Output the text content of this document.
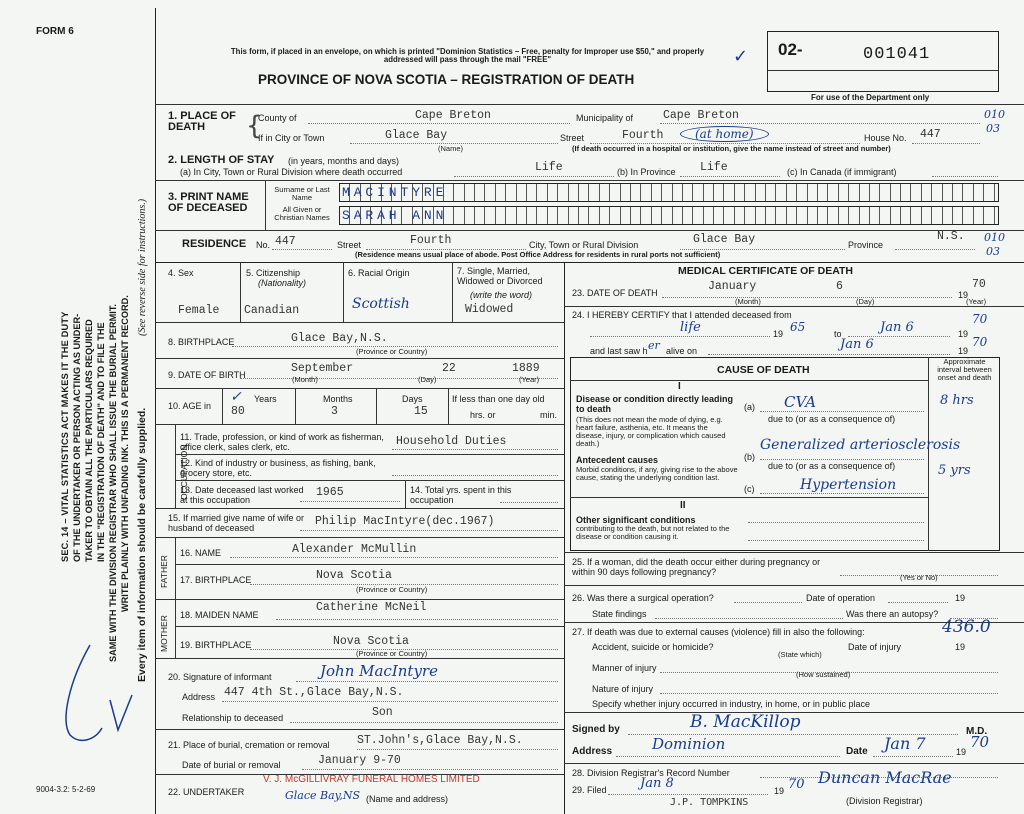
FORM 6
SEC. 14 – VITAL STATISTICS ACT MAKES IT THE DUTY OF THE UNDERTAKER OR PERSON ACTING AS UNDER- TAKER TO OBTAIN ALL THE PARTICULARS REQUIRED IN THE "REGISTRATION OF DEATH" AND TO FILE THE SAME WITH THE DIVISION REGISTRAR WHO SHALL ISSUE THE BURIAL PERMIT. WRITE PLAINLY WITH UNFADING INK. THIS IS A PERMANENT RECORD. Every item of information should be carefully supplied.
(See reverse side for instructions.)
9004-3.2: 5-2-69
This form, if placed in an envelope, on which is printed "Dominion Statistics – Free, penalty for Improper use $50," and properly addressed will pass through the mail "FREE"
PROVINCE OF NOVA SCOTIA – REGISTRATION OF DEATH
✓ 02-	001041
For use of the Department only
1. PLACE OF DEATH	{
County of	Cape Breton	Municipality of	Cape Breton	010
If in City or Town	Glace Bay
(Name)
Street	Fourth	(at home)	House No. 447	03
(If death occurred in a hospital or institution, give the name instead of street and number)
2. LENGTH OF STAY (in years, months and days)
(a) In City, Town or Rural Division where death occurred	Life	(b) In Province Life	(c) In Canada (if immigrant)
3. PRINT NAME OF DECEASED
Surname or Last Name
All Given or Christian Names
MACINTYRE
SARAH ANN
RESIDENCE No. 447	Street	Fourth	City, Town or Rural Division	Glace Bay	Province
N.S. 010
03
(Residence means usual place of abode. Post Office Address for residents in rural ports not sufficient)
4. Sex
Female
5. Citizenship
(Nationality)
Canadian
6. Racial Origin
Scottish
7. Single, Married, Widowed or Divorced
(write the word)
Widowed
8. BIRTHPLACE	Glace Bay,N.S.
(Province or Country)
9. DATE OF BIRTH	September	22	1889
(Month)	(Day)	(Year)
10. AGE in
✓ Years	Months	Days
80	3	15
If less than one day old
hrs. or	min.
OCCUPATION
11. Trade, profession, or kind of work as fisherman, office clerk, sales clerk, etc.	Household Duties
12. Kind of industry or business, as fishing, bank, grocery store, etc.
13. Date deceased last worked at this occupation
1965	14. Total yrs. spent in this occupation
15. If married give name of wife or husband of deceased	Philip MacIntyre(dec.1967)
FATHER
16. NAME	Alexander McMullin
17. BIRTHPLACE	Nova Scotia
(Province or Country)
MOTHER
18. MAIDEN NAME
Catherine McNeil
19. BIRTHPLACE	Nova Scotia
(Province or Country)
20. Signature of informant	John MacIntyre
Address 447 4th St.,Glace Bay,N.S.
Relationship to deceased	Son
21. Place of burial, cremation or removal ST.John's,Glace Bay,N.S.
Date of burial or removal	January 9-70
22. UNDERTAKER
V. J. McGILLIVRAY FUNERAL HOMES LIMITED
Glace Bay,NS (Name and address)
MEDICAL CERTIFICATE OF DEATH
23. DATE OF DEATH	January	6
19
70
(Month)	(Day)	(Year)
24. I HEREBY CERTIFY that I attended deceased from
life	19 65	to	Jan 6	19
70
and last saw h er alive on	Jan 6	19
70
CAUSE OF DEATH
Approximate interval between onset and death
I
Disease or condition directly leading to death
(This does not mean the mode of dying, e.g. heart failure, asthenia, etc. It means the disease, injury, or complication which caused death.)
(a) CVA	8 hrs
due to (or as a consequence of)
Antecedent causes
Morbid conditions, if any, giving rise to the above cause, stating the underlying condition last.
(b)
Generalized arteriosclerosis
due to (or as a consequence of)	5 yrs
(c)	Hypertension
II
Other significant conditions
contributing to the death, but not related to the disease or condition causing it.
25. If a woman, did the death occur either during pregnancy or within 90 days following pregnancy?
(Yes or No)
26. Was there a surgical operation?	Date of operation	19
State findings	Was there an autopsy?
27. If death was due to external causes (violence) fill in also the following:	436.0
Accident, suicide or homicide?
(State which)
Date of injury	19
Manner of injury
(How sustained)
Nature of injury
Specify whether injury occurred in industry, in home, or in public place
Signed by	B. MacKillop	M.D.
Address	Dominion	Date Jan 7	19
70
28. Division Registrar's Record Number
29. Filed	Jan 8	19 70 Duncan MacRae
J.P. TOMPKINS	(Division Registrar)
